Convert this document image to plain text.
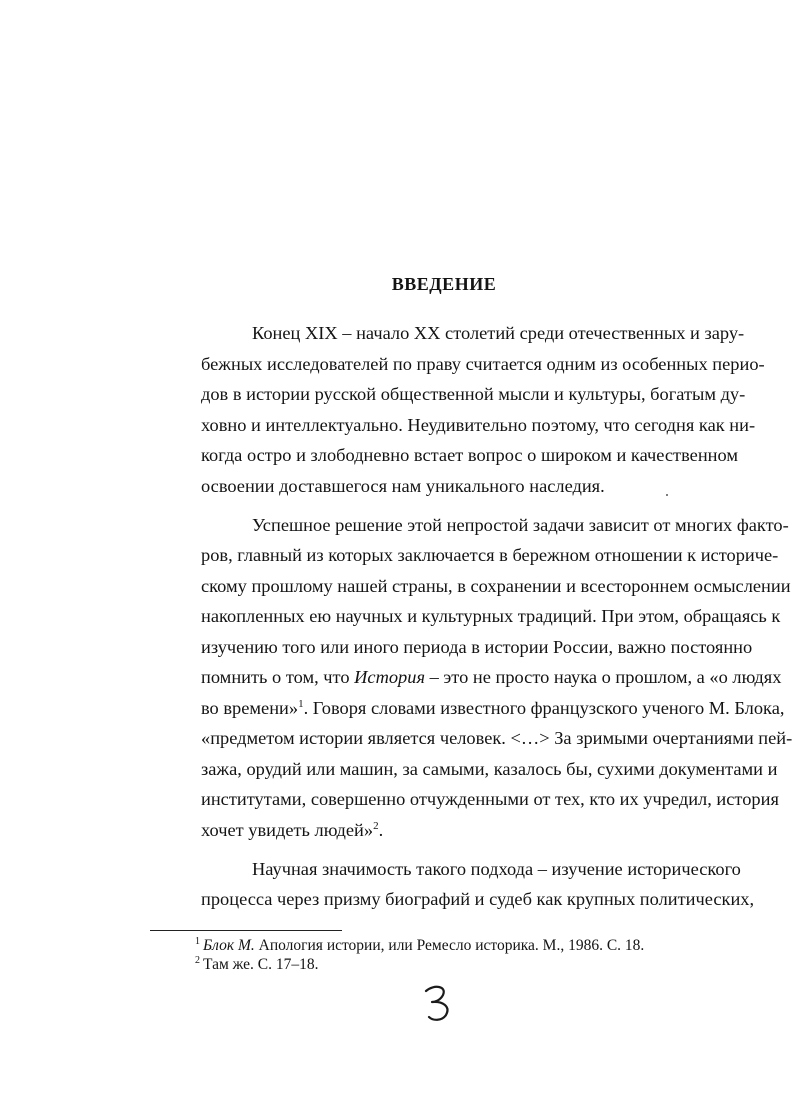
ВВЕДЕНИЕ

Конец XIX – начало XX столетий среди отечественных и зару-
бежных исследователей по праву считается одним из особенных перио-
дов в истории русской общественной мысли и культуры, богатым ду-
ховно и интеллектуально. Неудивительно поэтому, что сегодня как ни-
когда остро и злободневно встает вопрос о широком и качественном
освоении доставшегося нам уникального наследия.

Успешное решение этой непростой задачи зависит от многих факто-
ров, главный из которых заключается в бережном отношении к историче-
скому прошлому нашей страны, в сохранении и всестороннем осмыслении
накопленных ею научных и культурных традиций. При этом, обращаясь к
изучению того или иного периода в истории России, важно постоянно
помнить о том, что История – это не просто наука о прошлом, а «о людях
во времени»$^1$. Говоря словами известного французского ученого М. Блока,
«предметом истории является человек. <…> За зримыми очертаниями пей-
зажа, орудий или машин, за самыми, казалось бы, сухими документами и
институтами, совершенно отчужденными от тех, кто их учредил, история
хочет увидеть людей»$^2$.

Научная значимость такого подхода – изучение исторического
процесса через призму биографий и судеб как крупных политических,

$^1$ Блок М. Апология истории, или Ремесло историка. М., 1986. С. 18.
$^2$ Там же. С. 17–18.
